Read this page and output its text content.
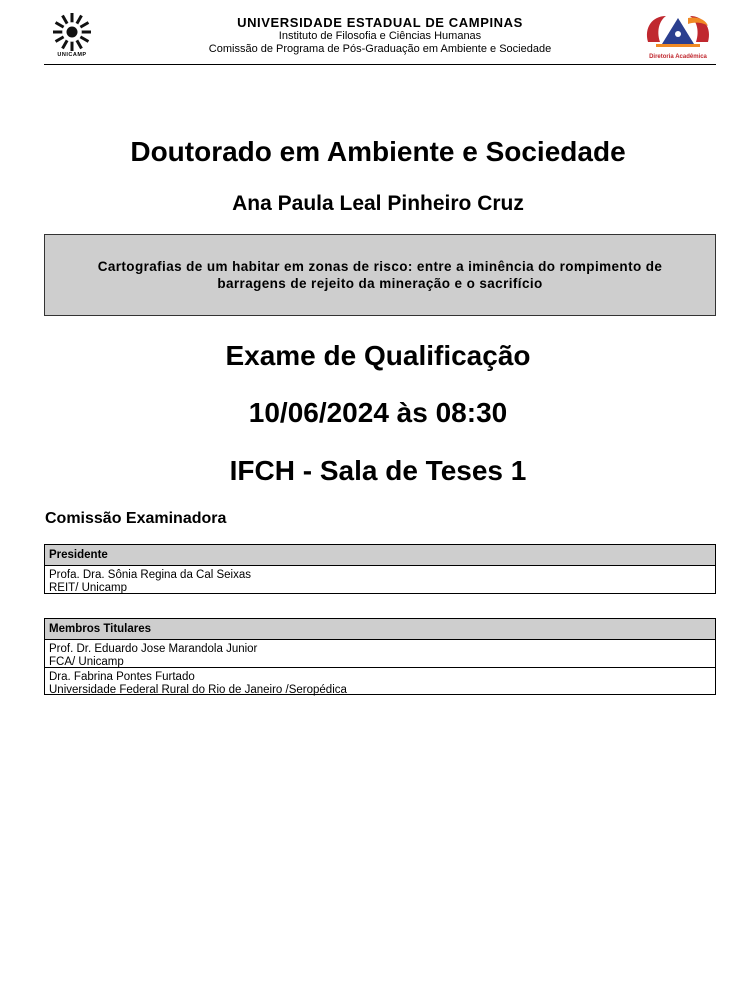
UNICAMP
UNIVERSIDADE ESTADUAL DE CAMPINAS
Instituto de Filosofia e Ciências Humanas
Comissão de Programa de Pós-Graduação em Ambiente e Sociedade
Diretoria Acadêmica
Doutorado em Ambiente e Sociedade
Ana Paula Leal Pinheiro Cruz
Cartografias de um habitar em zonas de risco: entre a iminência do rompimento de barragens de rejeito da mineração e o sacrifício
Exame de Qualificação
10/06/2024 às 08:30
IFCH - Sala de Teses 1
Comissão Examinadora
Presidente
Profa. Dra. Sônia Regina da Cal Seixas
REIT/ Unicamp
Membros Titulares
Prof. Dr. Eduardo Jose Marandola Junior
FCA/ Unicamp
Dra. Fabrina Pontes Furtado
Universidade Federal Rural do Rio de Janeiro /Seropédica
